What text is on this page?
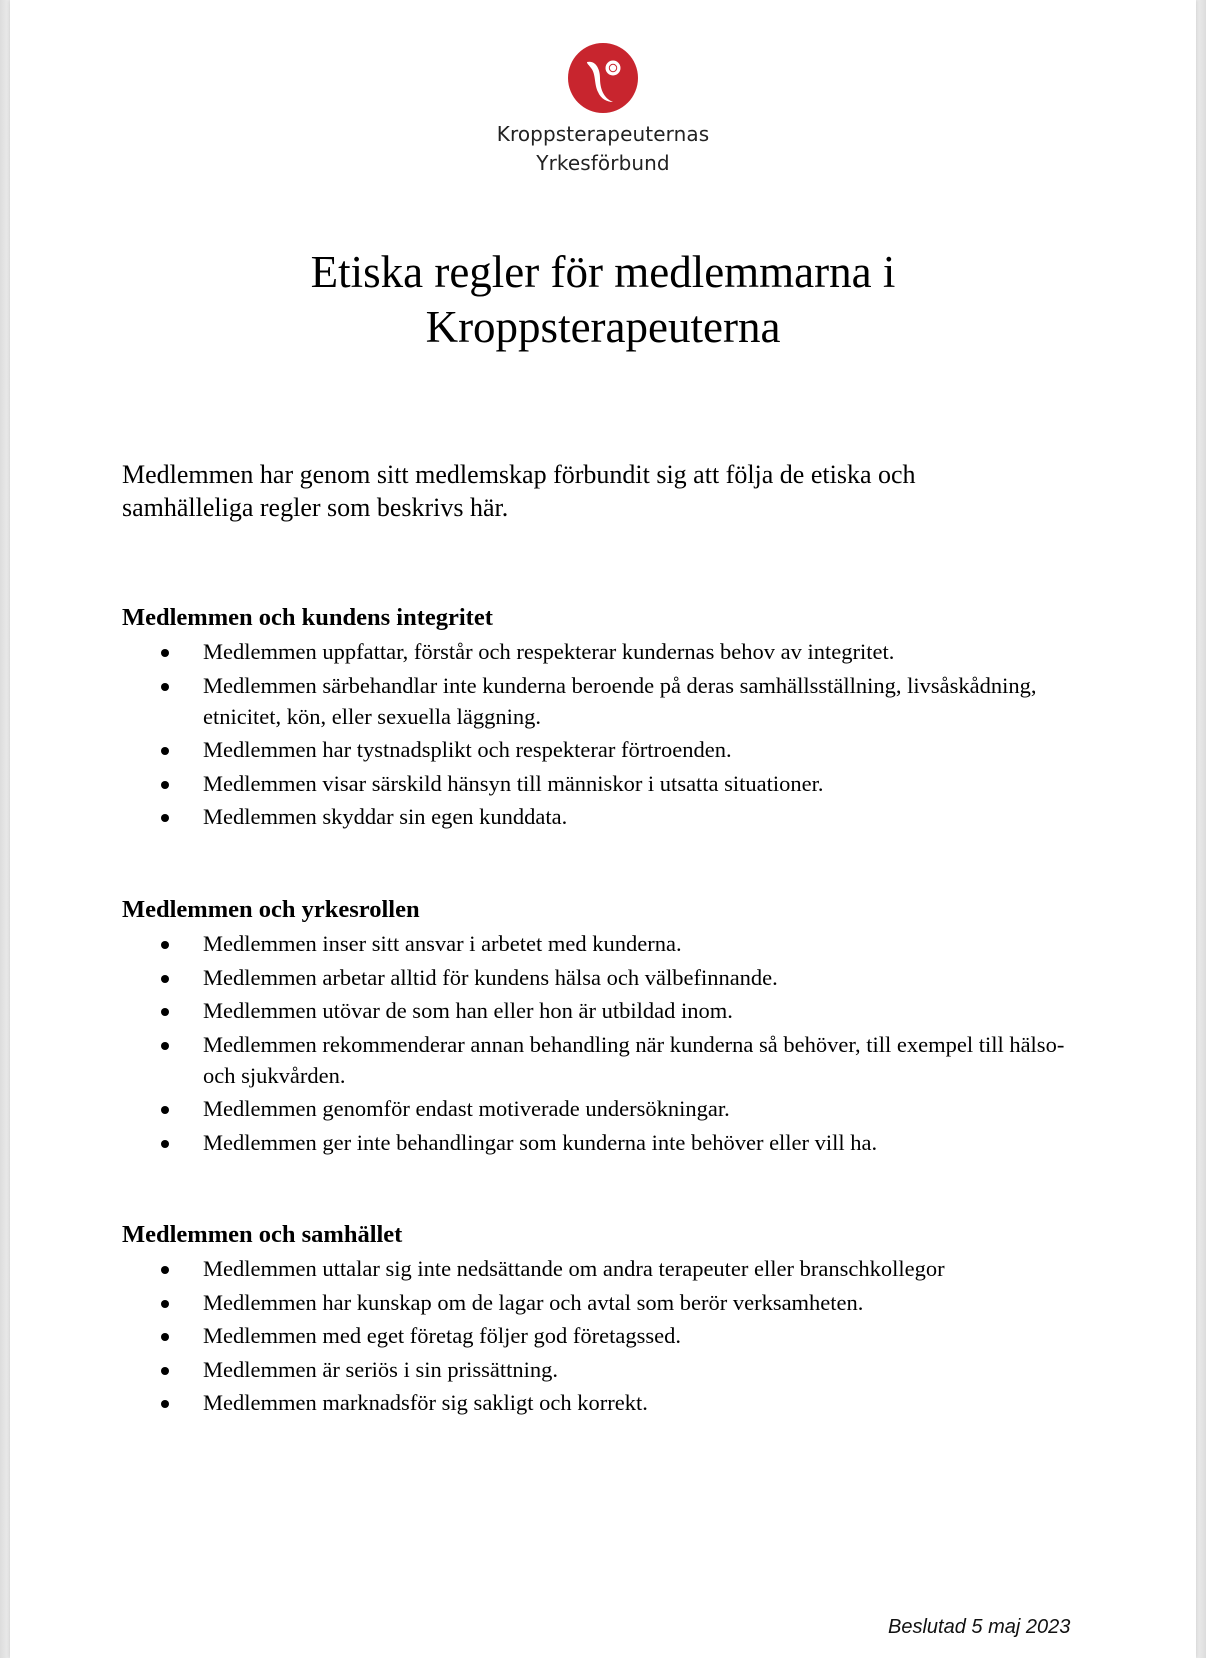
Kroppsterapeuternas
Yrkesförbund
Etiska regler för medlemmarna i
Kroppsterapeuterna
Medlemmen har genom sitt medlemskap förbundit sig att följa de etiska och
samhälleliga regler som beskrivs här.
Medlemmen och kundens integritet
Medlemmen uppfattar, förstår och respekterar kundernas behov av integritet.
Medlemmen särbehandlar inte kunderna beroende på deras samhällsställning, livsåskådning, etnicitet, kön, eller sexuella läggning.
Medlemmen har tystnadsplikt och respekterar förtroenden.
Medlemmen visar särskild hänsyn till människor i utsatta situationer.
Medlemmen skyddar sin egen kunddata.
Medlemmen och yrkesrollen
Medlemmen inser sitt ansvar i arbetet med kunderna.
Medlemmen arbetar alltid för kundens hälsa och välbefinnande.
Medlemmen utövar de som han eller hon är utbildad inom.
Medlemmen rekommenderar annan behandling när kunderna så behöver, till exempel till hälso- och sjukvården.
Medlemmen genomför endast motiverade undersökningar.
Medlemmen ger inte behandlingar som kunderna inte behöver eller vill ha.
Medlemmen och samhället
Medlemmen uttalar sig inte nedsättande om andra terapeuter eller branschkollegor
Medlemmen har kunskap om de lagar och avtal som berör verksamheten.
Medlemmen med eget företag följer god företagssed.
Medlemmen är seriös i sin prissättning.
Medlemmen marknadsför sig sakligt och korrekt.
Beslutad 5 maj 2023
